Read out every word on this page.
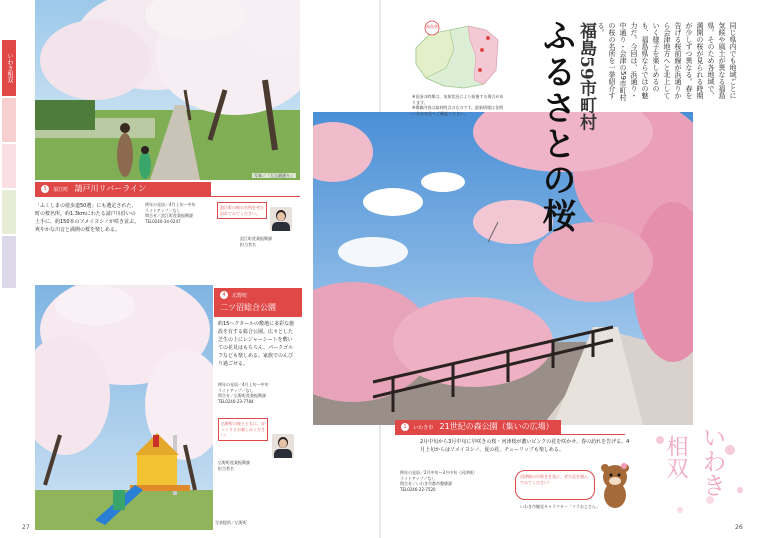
いわき相双
写真／「大玉園通り」
3 浪江町 請戸川リバーライン
「ふくしまの遊歩道50選」にも選定された、町の桜名所。約1.3kmにわたる請戸川沿いの土手に、約150本のソメイヨシノが咲き並ぶ。爽やかな川音と満開の桜を楽しめる。
例年の見頃／4月上旬〜中旬
ライトアップ／なし
問合せ／浪江町産業振興課
TEL0240-34-0247
浪江町の桜の名所をぜひ訪れてみてください。
浪江町産業振興課
担当者名
写真提供／広野町
4 広野町
二ツ沼総合公園
約15ヘクタールの敷地に多彩な施設を有する総合公園。広々とした芝生の上にレジャーシートを敷いての花見はもちろん、パークゴルフなども楽しめる。家族でのんびり過ごせる。
例年の見頃／4月上旬〜中旬
ライトアップ／なし
問合せ／広野町産業振興課
TEL0240-23-7784
広野町の桜とともに、ゆっくりとお楽しみください。
広野町産業振興課
担当者名
27
福島県
※見頃の時期は、気象状況により前後する場合があります。
※掲載内容は取材時点のものです。最新情報は各問い合わせ先へご確認ください。	福島59市町村
ふるさとの桜	同じ県内でも地域ごとに気候や風土が異なる福島県。そのため各地域で、満開の桜が見られる時期が少しずつ異なる。春を告げる桜前線が浜通りから会津地方へと北上していく様子を楽しめるのも、福島県ならではの魅力だ。今回は、浜通り・中通り・会津の59市町村の桜の名所を一挙紹介する。
1 いわき市 21世紀の森公園（集いの広場）
2月中旬から3月中旬に早咲きの桜・河津桜が濃いピンクの花を咲かせ、春の訪れを告げる。4月上旬からはソメイヨシノ、夏の花、チューリップも楽しめる。
例年の見頃／2月中旬〜3月中旬（河津桜）
ライトアップ／なし
問合せ／いわき市都市整備課
TEL0246-22-7520
河津桜の早咲きを見に、ぜひ足を運んでみてください！
いわき市観光キャラクター「フラおじさん」
いわき
相双
26
